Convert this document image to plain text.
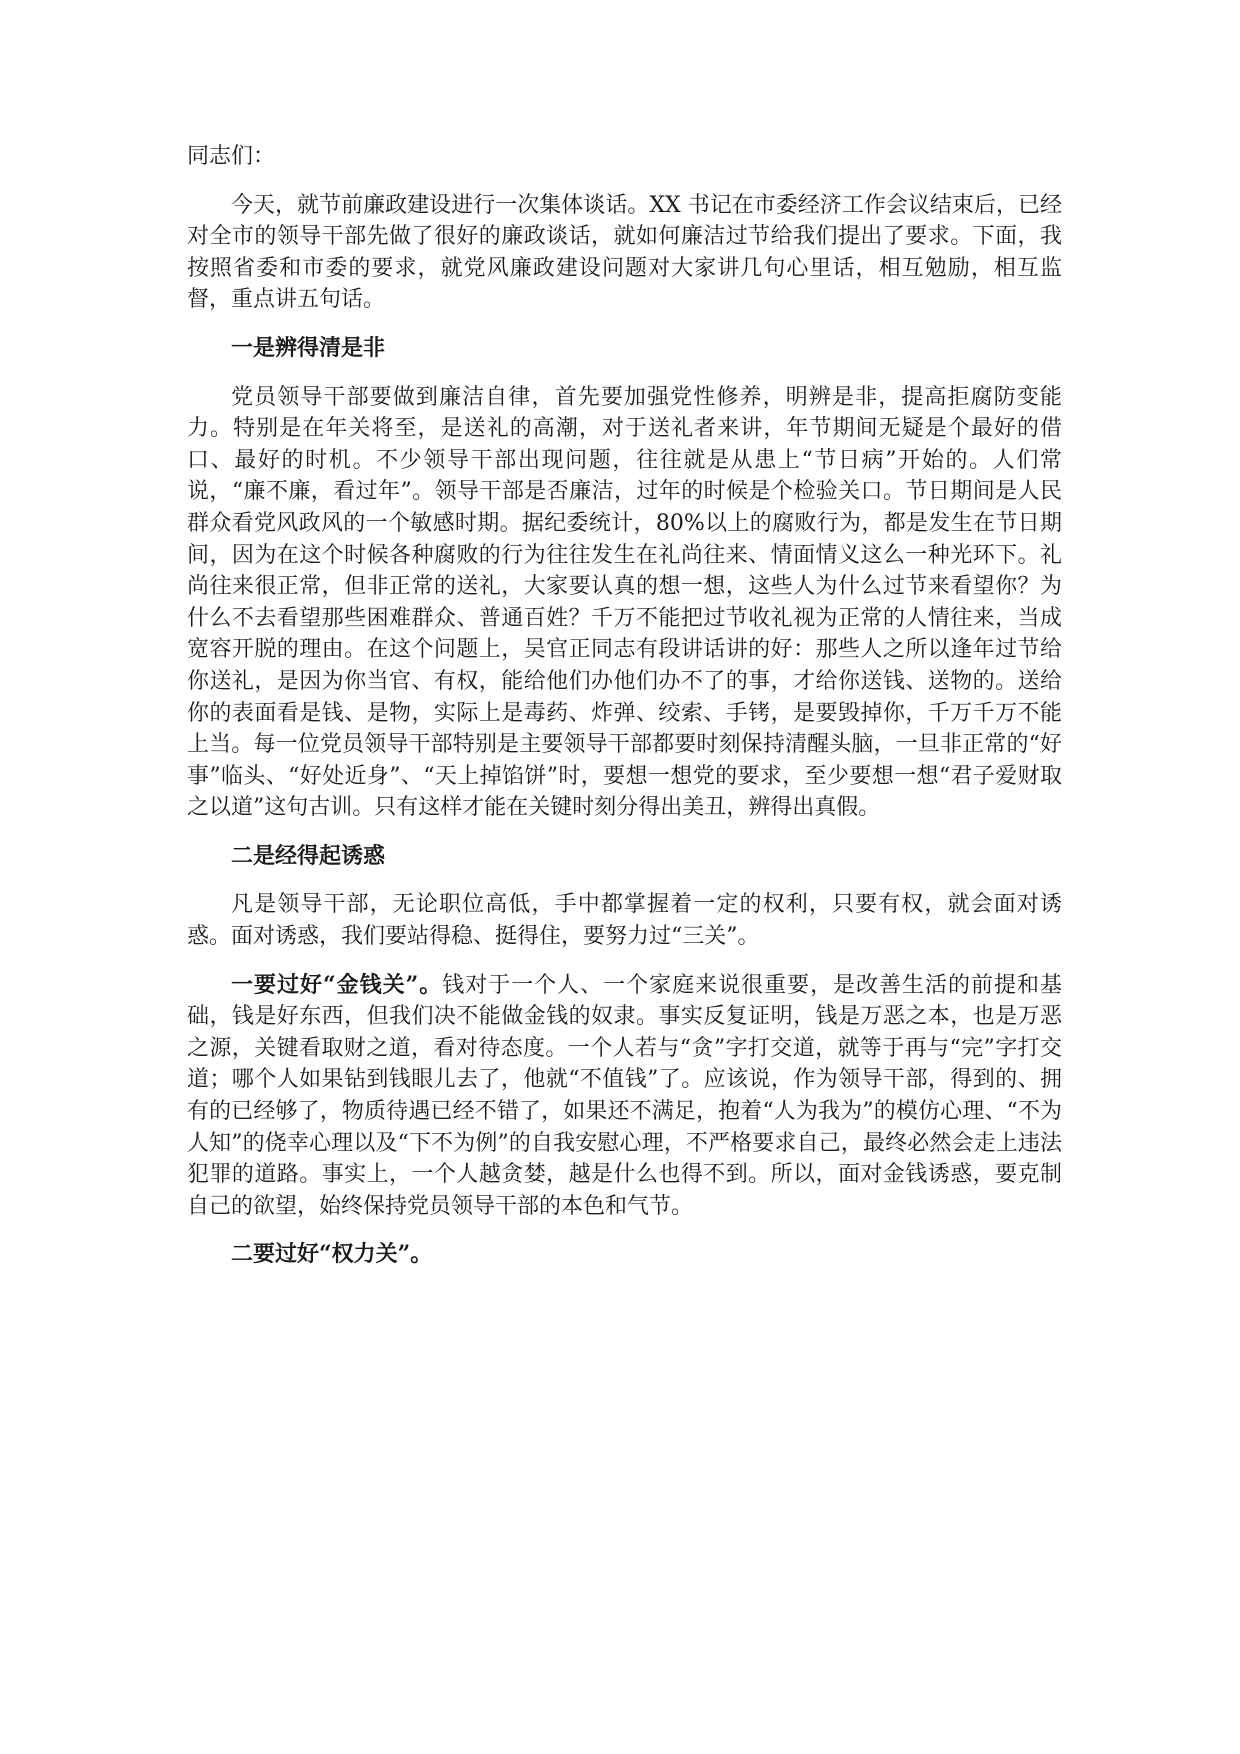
同志们：

今天，就节前廉政建设进行一次集体谈话。XX 书记在市委经济工作会议结束后，已经对全市的领导干部先做了很好的廉政谈话，就如何廉洁过节给我们提出了要求。下面，我按照省委和市委的要求，就党风廉政建设问题对大家讲几句心里话，相互勉励，相互监督，重点讲五句话。

一是辨得清是非

党员领导干部要做到廉洁自律，首先要加强党性修养，明辨是非，提高拒腐防变能力。特别是在年关将至，是送礼的高潮，对于送礼者来讲，年节期间无疑是个最好的借口、最好的时机。不少领导干部出现问题，往往就是从患上“节日病”开始的。人们常说，“廉不廉，看过年”。领导干部是否廉洁，过年的时候是个检验关口。节日期间是人民群众看党风政风的一个敏感时期。据纪委统计，80%以上的腐败行为，都是发生在节日期间，因为在这个时候各种腐败的行为往往发生在礼尚往来、情面情义这么一种光环下。礼尚往来很正常，但非正常的送礼，大家要认真的想一想，这些人为什么过节来看望你？为什么不去看望那些困难群众、普通百姓？千万不能把过节收礼视为正常的人情往来，当成宽容开脱的理由。在这个问题上，吴官正同志有段讲话讲的好：那些人之所以逢年过节给你送礼，是因为你当官、有权，能给他们办他们办不了的事，才给你送钱、送物的。送给你的表面看是钱、是物，实际上是毒药、炸弹、绞索、手铐，是要毁掉你，千万千万不能上当。每一位党员领导干部特别是主要领导干部都要时刻保持清醒头脑，一旦非正常的“好事”临头、“好处近身”、“天上掉馅饼”时，要想一想党的要求，至少要想一想“君子爱财取之以道”这句古训。只有这样才能在关键时刻分得出美丑，辨得出真假。

二是经得起诱惑

凡是领导干部，无论职位高低，手中都掌握着一定的权利，只要有权，就会面对诱惑。面对诱惑，我们要站得稳、挺得住，要努力过“三关”。

一要过好“金钱关”。钱对于一个人、一个家庭来说很重要，是改善生活的前提和基础，钱是好东西，但我们决不能做金钱的奴隶。事实反复证明，钱是万恶之本，也是万恶之源，关键看取财之道，看对待态度。一个人若与“贪”字打交道，就等于再与“完”字打交道；哪个人如果钻到钱眼儿去了，他就“不值钱”了。应该说，作为领导干部，得到的、拥有的已经够了，物质待遇已经不错了，如果还不满足，抱着“人为我为”的模仿心理、“不为人知”的侥幸心理以及“下不为例”的自我安慰心理，不严格要求自己，最终必然会走上违法犯罪的道路。事实上，一个人越贪婪，越是什么也得不到。所以，面对金钱诱惑，要克制自己的欲望，始终保持党员领导干部的本色和气节。

二要过好“权力关”。
